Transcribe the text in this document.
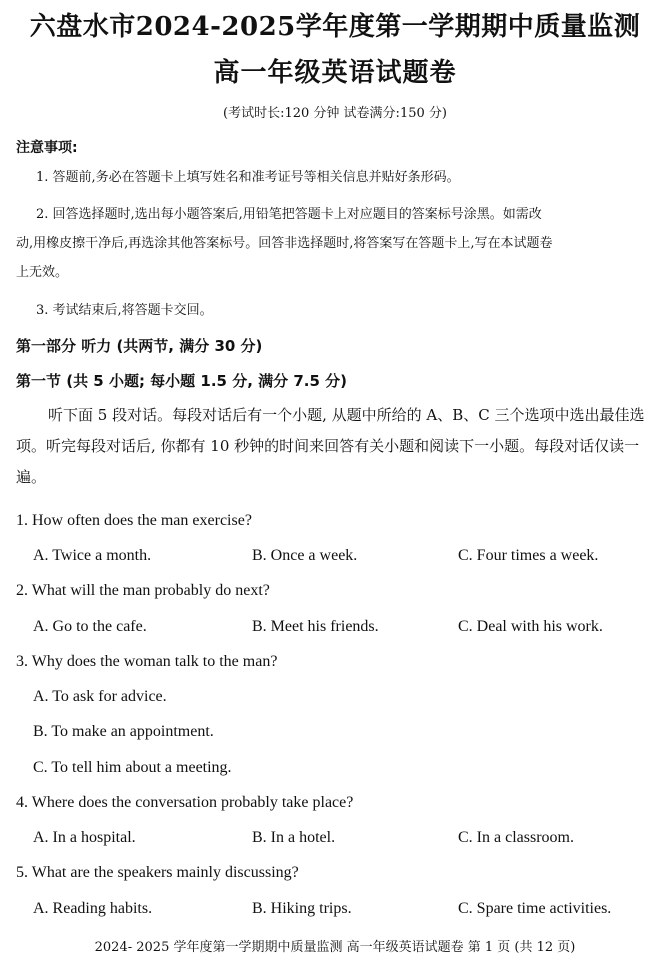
六盘水市2024-2025学年度第一学期期中质量监测
高一年级英语试题卷
(考试时长:120 分钟 试卷满分:150 分)
注意事项:
1. 答题前,务必在答题卡上填写姓名和准考证号等相关信息并贴好条形码。
2. 回答选择题时,选出每小题答案后,用铅笔把答题卡上对应题目的答案标号涂黑。如需改
动,用橡皮擦干净后,再选涂其他答案标号。回答非选择题时,将答案写在答题卡上,写在本试题卷
上无效。
3. 考试结束后,将答题卡交回。
第一部分 听力 (共两节, 满分 30 分)
第一节 (共 5 小题; 每小题 1.5 分, 满分 7.5 分)
听下面 5 段对话。每段对话后有一个小题, 从题中所给的 A、B、C 三个选项中选出最佳选项。听完每段对话后, 你都有 10 秒钟的时间来回答有关小题和阅读下一小题。每段对话仅读一遍。
1. How often does the man exercise?
A. Twice a month.	B. Once a week.	C. Four times a week.
2. What will the man probably do next?
A. Go to the cafe.	B. Meet his friends.	C. Deal with his work.
3. Why does the woman talk to the man?
A. To ask for advice.
B. To make an appointment.
C. To tell him about a meeting.
4. Where does the conversation probably take place?
A. In a hospital.	B. In a hotel.	C. In a classroom.
5. What are the speakers mainly discussing?
A. Reading habits.	B. Hiking trips.	C. Spare time activities.
2024- 2025 学年度第一学期期中质量监测 高一年级英语试题卷 第 1 页 (共 12 页)
